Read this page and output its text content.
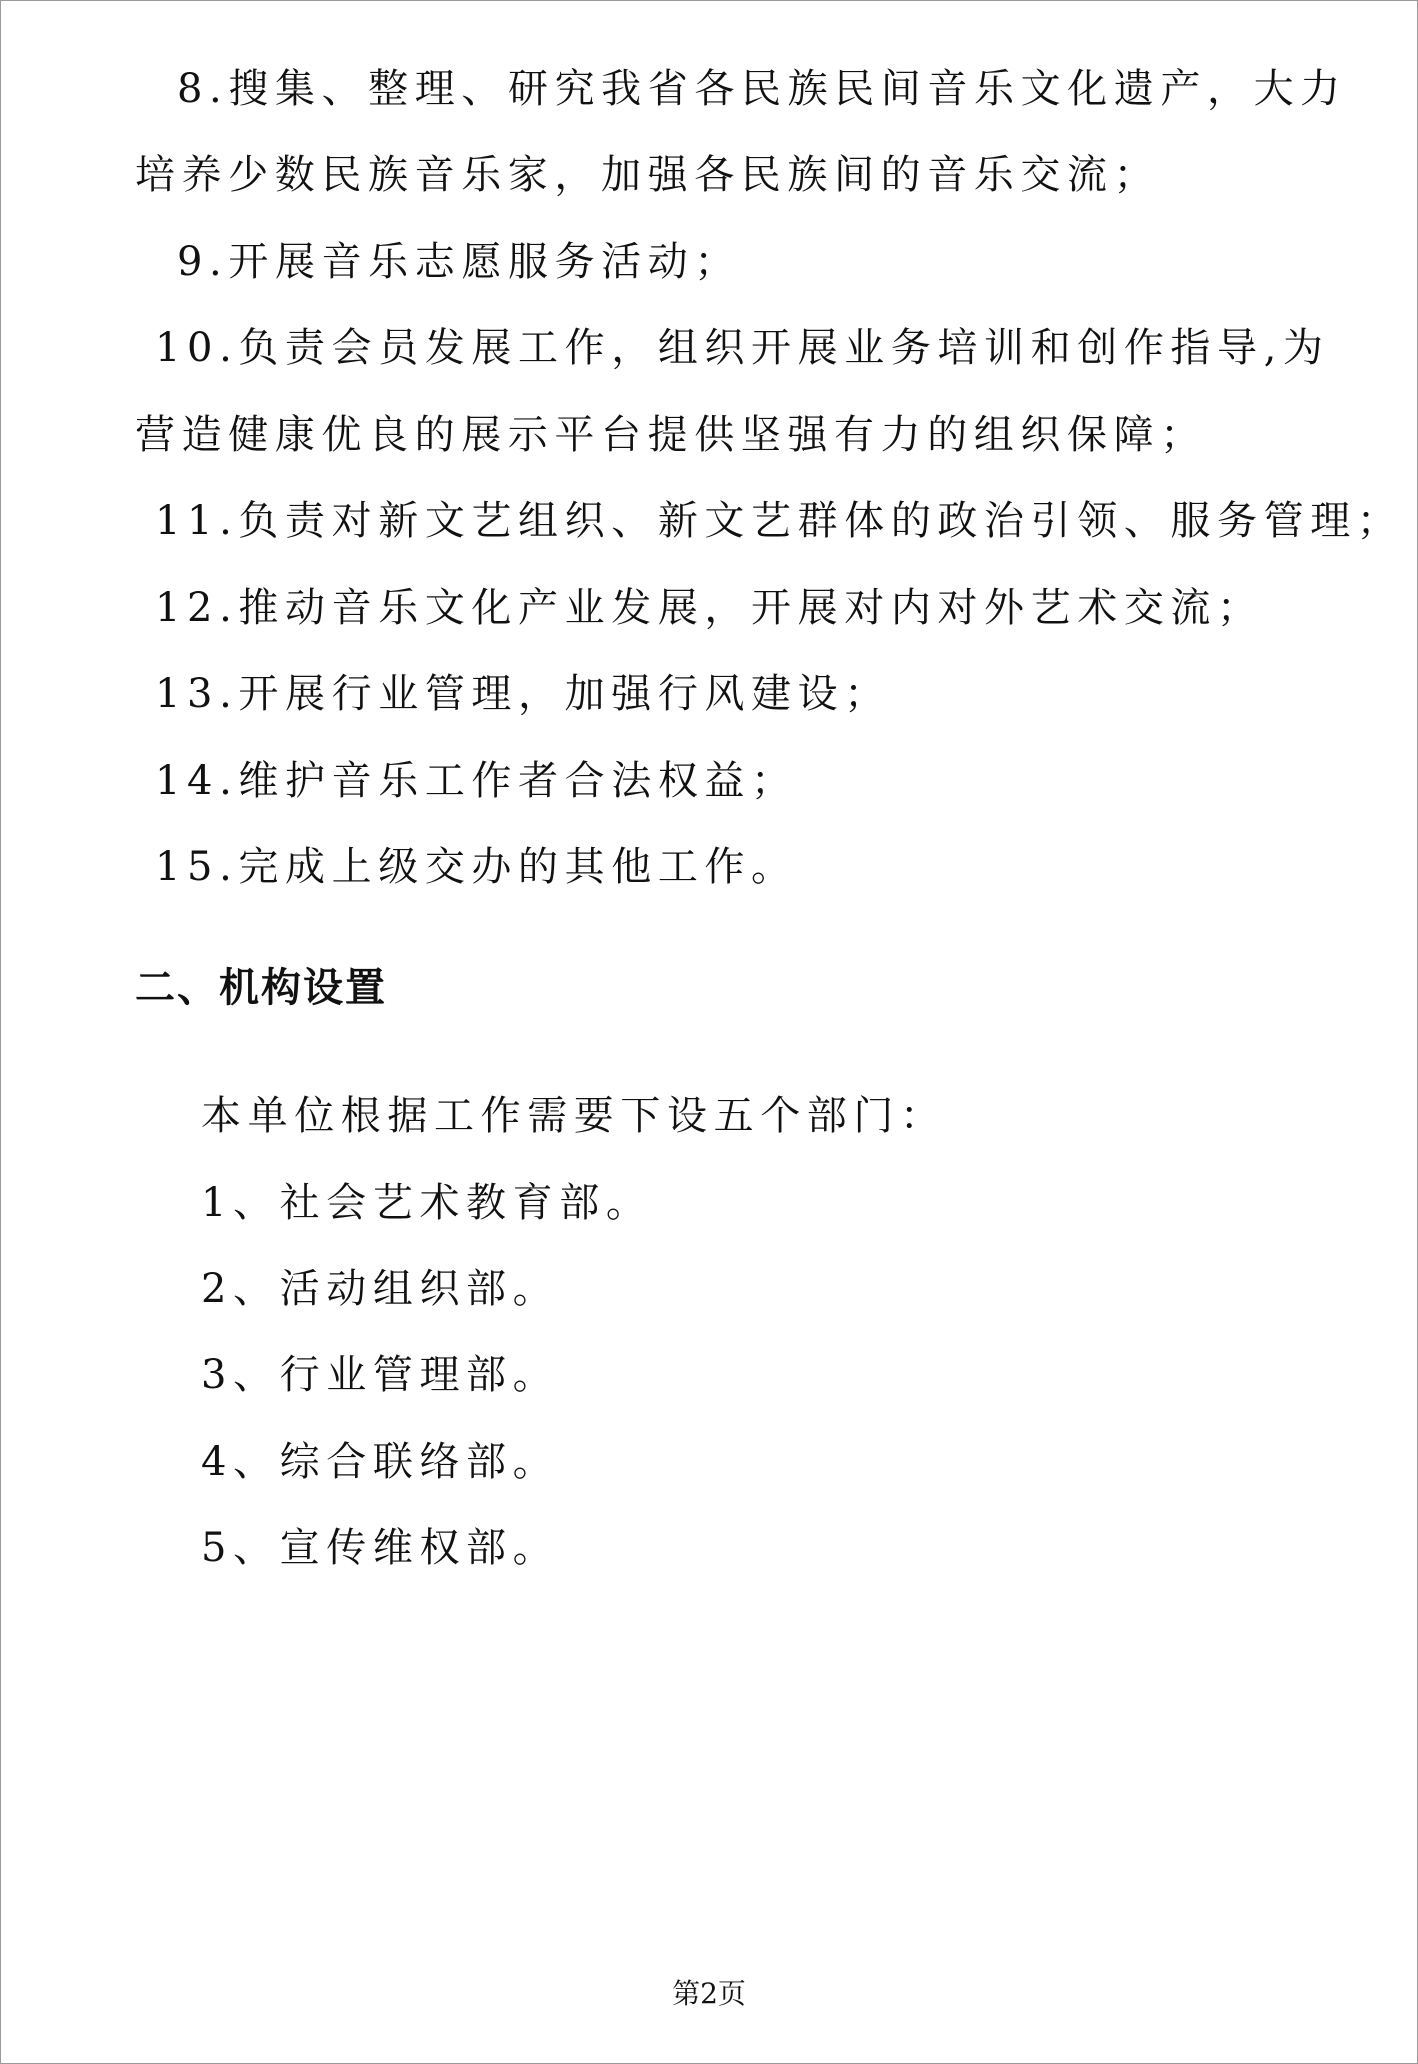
8.搜集、整理、研究我省各民族民间音乐文化遗产，大力
培养少数民族音乐家，加强各民族间的音乐交流；
9.开展音乐志愿服务活动；
10.负责会员发展工作，组织开展业务培训和创作指导,为
营造健康优良的展示平台提供坚强有力的组织保障；
11.负责对新文艺组织、新文艺群体的政治引领、服务管理；
12.推动音乐文化产业发展，开展对内对外艺术交流；
13.开展行业管理，加强行风建设；
14.维护音乐工作者合法权益；
15.完成上级交办的其他工作。
二、机构设置
本单位根据工作需要下设五个部门：
1、社会艺术教育部。
2、活动组织部。
3、行业管理部。
4、综合联络部。
5、宣传维权部。
第2页
